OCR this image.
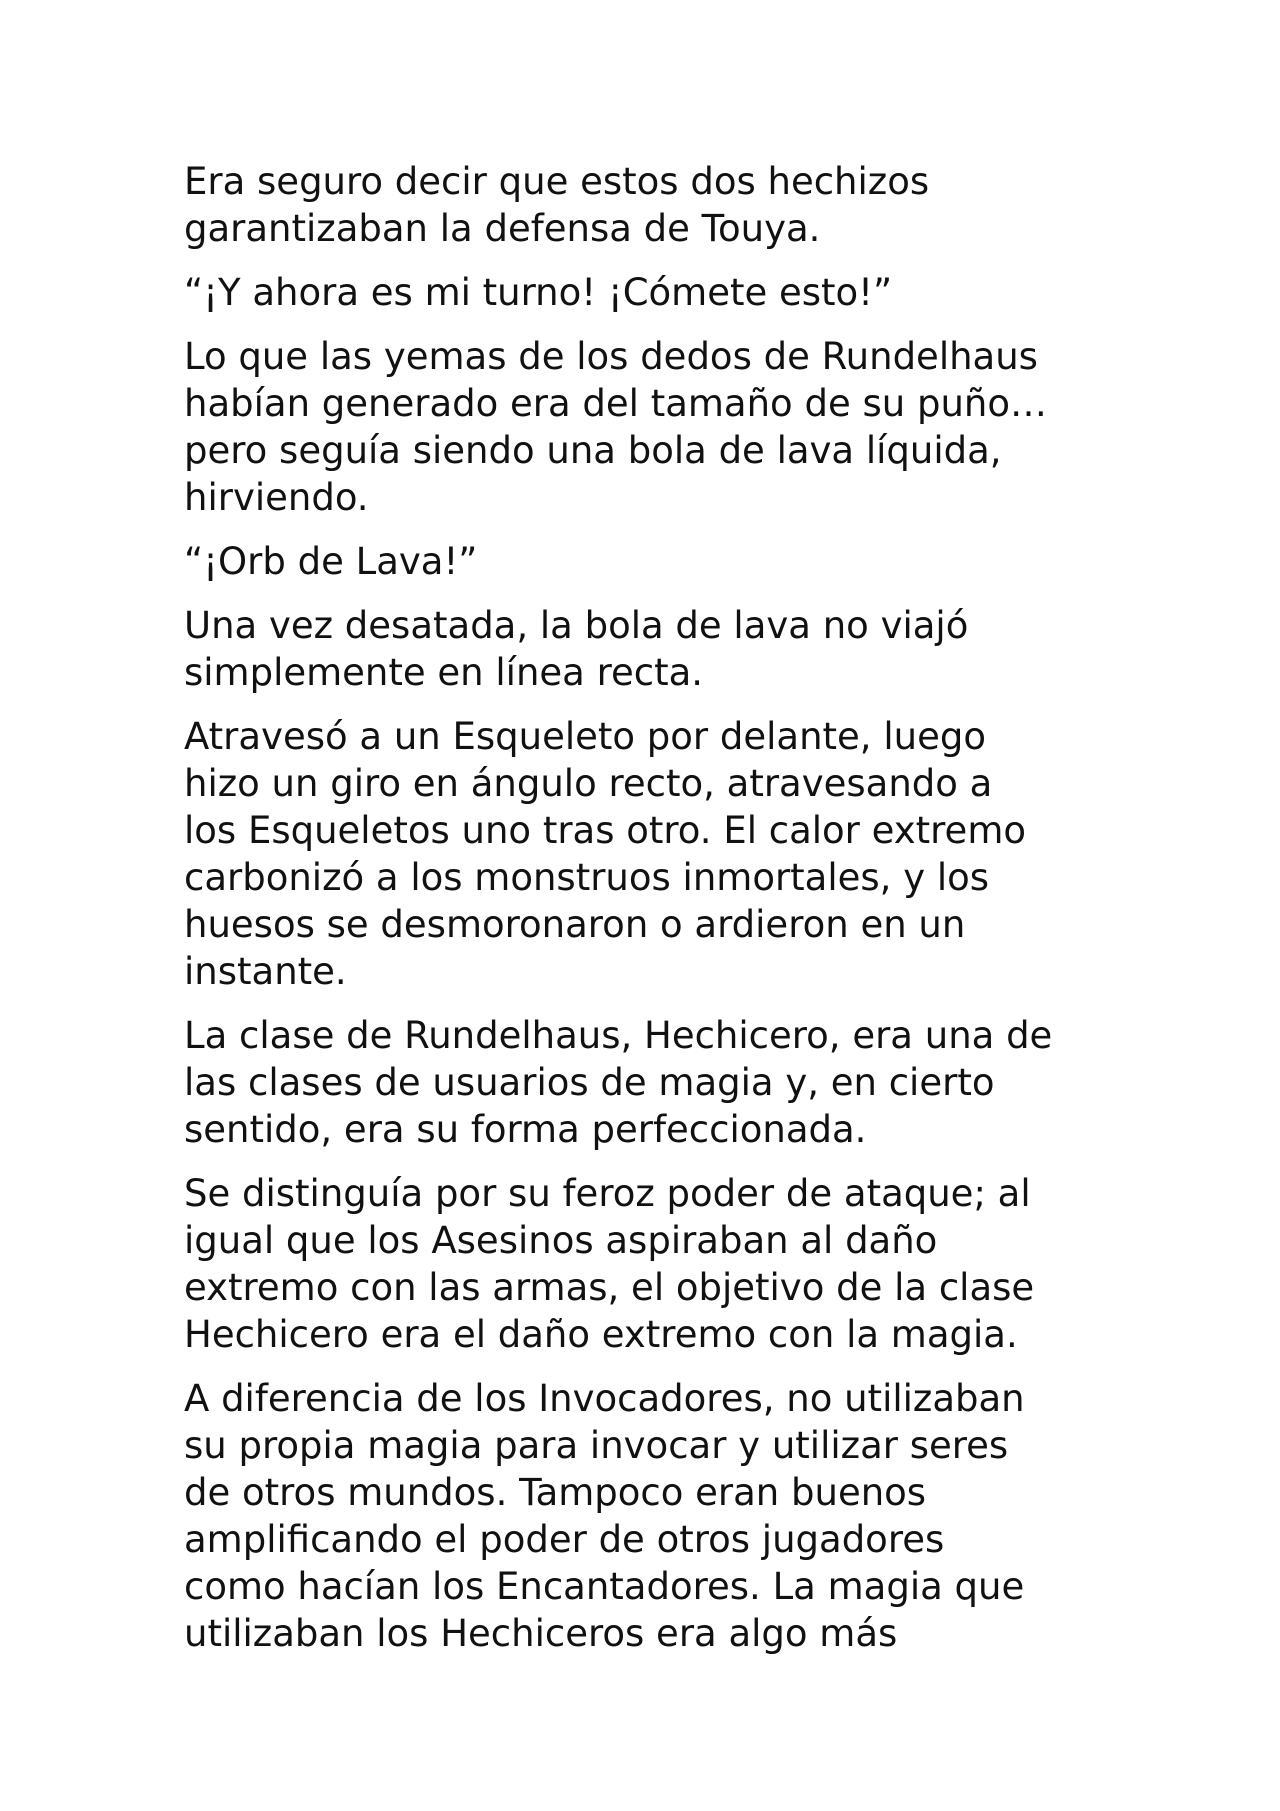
Era seguro decir que estos dos hechizos
garantizaban la defensa de Touya.

“¡Y ahora es mi turno! ¡Cómete esto!”

Lo que las yemas de los dedos de Rundelhaus
habían generado era del tamaño de su puño…
pero seguía siendo una bola de lava líquida,
hirviendo.

“¡Orb de Lava!”

Una vez desatada, la bola de lava no viajó
simplemente en línea recta.

Atravesó a un Esqueleto por delante, luego
hizo un giro en ángulo recto, atravesando a
los Esqueletos uno tras otro. El calor extremo
carbonizó a los monstruos inmortales, y los
huesos se desmoronaron o ardieron en un
instante.

La clase de Rundelhaus, Hechicero, era una de
las clases de usuarios de magia y, en cierto
sentido, era su forma perfeccionada.

Se distinguía por su feroz poder de ataque; al
igual que los Asesinos aspiraban al daño
extremo con las armas, el objetivo de la clase
Hechicero era el daño extremo con la magia.

A diferencia de los Invocadores, no utilizaban
su propia magia para invocar y utilizar seres
de otros mundos. Tampoco eran buenos
amplificando el poder de otros jugadores
como hacían los Encantadores. La magia que
utilizaban los Hechiceros era algo más
